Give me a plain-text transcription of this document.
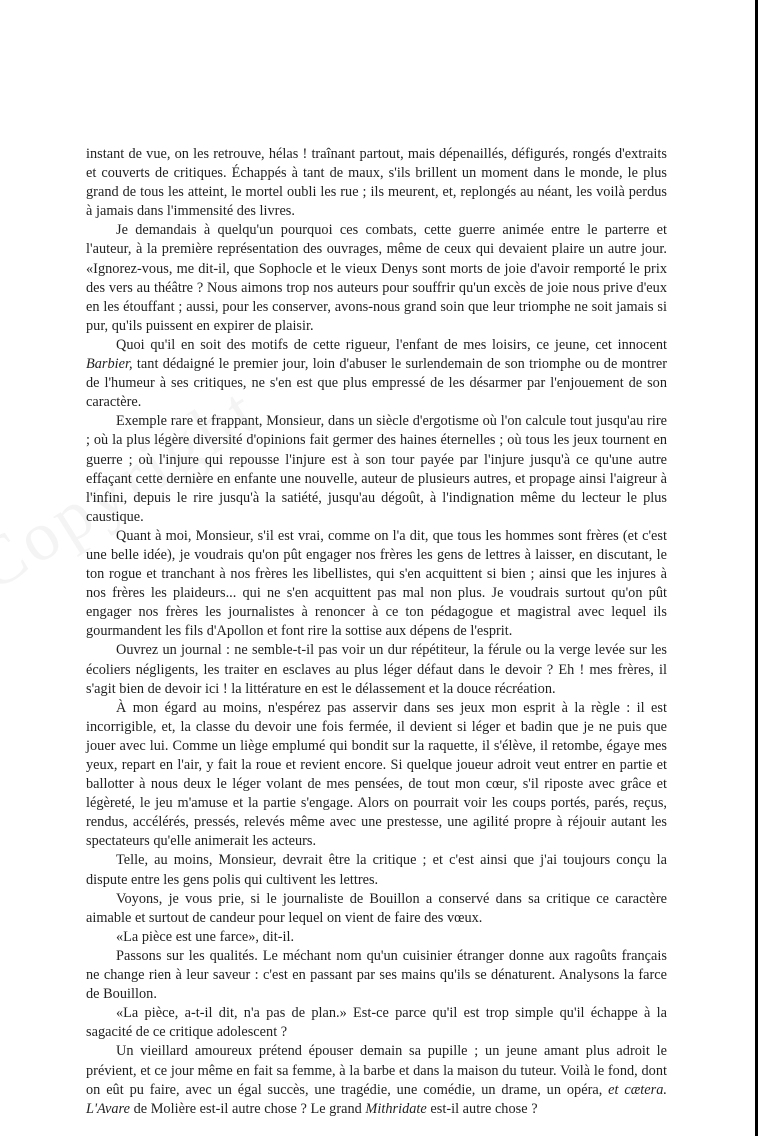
instant de vue, on les retrouve, hélas ! traînant partout, mais dépenaillés, défigurés, rongés d'extraits et couverts de critiques. Échappés à tant de maux, s'ils brillent un moment dans le monde, le plus grand de tous les atteint, le mortel oubli les rue ; ils meurent, et, replongés au néant, les voilà perdus à jamais dans l'immensité des livres.

Je demandais à quelqu'un pourquoi ces combats, cette guerre animée entre le parterre et l'auteur, à la première représentation des ouvrages, même de ceux qui devaient plaire un autre jour. «Ignorez-vous, me dit-il, que Sophocle et le vieux Denys sont morts de joie d'avoir remporté le prix des vers au théâtre ? Nous aimons trop nos auteurs pour souffrir qu'un excès de joie nous prive d'eux en les étouffant ; aussi, pour les conserver, avons-nous grand soin que leur triomphe ne soit jamais si pur, qu'ils puissent en expirer de plaisir.

Quoi qu'il en soit des motifs de cette rigueur, l'enfant de mes loisirs, ce jeune, cet innocent Barbier, tant dédaigné le premier jour, loin d'abuser le surlendemain de son triomphe ou de montrer de l'humeur à ses critiques, ne s'en est que plus empressé de les désarmer par l'enjouement de son caractère.

Exemple rare et frappant, Monsieur, dans un siècle d'ergotisme où l'on calcule tout jusqu'au rire ; où la plus légère diversité d'opinions fait germer des haines éternelles ; où tous les jeux tournent en guerre ; où l'injure qui repousse l'injure est à son tour payée par l'injure jusqu'à ce qu'une autre effaçant cette dernière en enfante une nouvelle, auteur de plusieurs autres, et propage ainsi l'aigreur à l'infini, depuis le rire jusqu'à la satiété, jusqu'au dégoût, à l'indignation même du lecteur le plus caustique.

Quant à moi, Monsieur, s'il est vrai, comme on l'a dit, que tous les hommes sont frères (et c'est une belle idée), je voudrais qu'on pût engager nos frères les gens de lettres à laisser, en discutant, le ton rogue et tranchant à nos frères les libellistes, qui s'en acquittent si bien ; ainsi que les injures à nos frères les plaideurs... qui ne s'en acquittent pas mal non plus. Je voudrais surtout qu'on pût engager nos frères les journalistes à renoncer à ce ton pédagogue et magistral avec lequel ils gourmandent les fils d'Apollon et font rire la sottise aux dépens de l'esprit.

Ouvrez un journal : ne semble-t-il pas voir un dur répétiteur, la férule ou la verge levée sur les écoliers négligents, les traiter en esclaves au plus léger défaut dans le devoir ? Eh ! mes frères, il s'agit bien de devoir ici ! la littérature en est le délassement et la douce récréation.

À mon égard au moins, n'espérez pas asservir dans ses jeux mon esprit à la règle : il est incorrigible, et, la classe du devoir une fois fermée, il devient si léger et badin que je ne puis que jouer avec lui. Comme un liège emplumé qui bondit sur la raquette, il s'élève, il retombe, égaye mes yeux, repart en l'air, y fait la roue et revient encore. Si quelque joueur adroit veut entrer en partie et ballotter à nous deux le léger volant de mes pensées, de tout mon cœur, s'il riposte avec grâce et légèreté, le jeu m'amuse et la partie s'engage. Alors on pourrait voir les coups portés, parés, reçus, rendus, accélérés, pressés, relevés même avec une prestesse, une agilité propre à réjouir autant les spectateurs qu'elle animerait les acteurs.

Telle, au moins, Monsieur, devrait être la critique ; et c'est ainsi que j'ai toujours conçu la dispute entre les gens polis qui cultivent les lettres.

Voyons, je vous prie, si le journaliste de Bouillon a conservé dans sa critique ce caractère aimable et surtout de candeur pour lequel on vient de faire des vœux.

«La pièce est une farce», dit-il.

Passons sur les qualités. Le méchant nom qu'un cuisinier étranger donne aux ragoûts français ne change rien à leur saveur : c'est en passant par ses mains qu'ils se dénaturent. Analysons la farce de Bouillon.

«La pièce, a-t-il dit, n'a pas de plan.» Est-ce parce qu'il est trop simple qu'il échappe à la sagacité de ce critique adolescent ?

Un vieillard amoureux prétend épouser demain sa pupille ; un jeune amant plus adroit le prévient, et ce jour même en fait sa femme, à la barbe et dans la maison du tuteur. Voilà le fond, dont on eût pu faire, avec un égal succès, une tragédie, une comédie, un drame, un opéra, et cætera. L'Avare de Molière est-il autre chose ? Le grand Mithridate est-il autre chose ?
